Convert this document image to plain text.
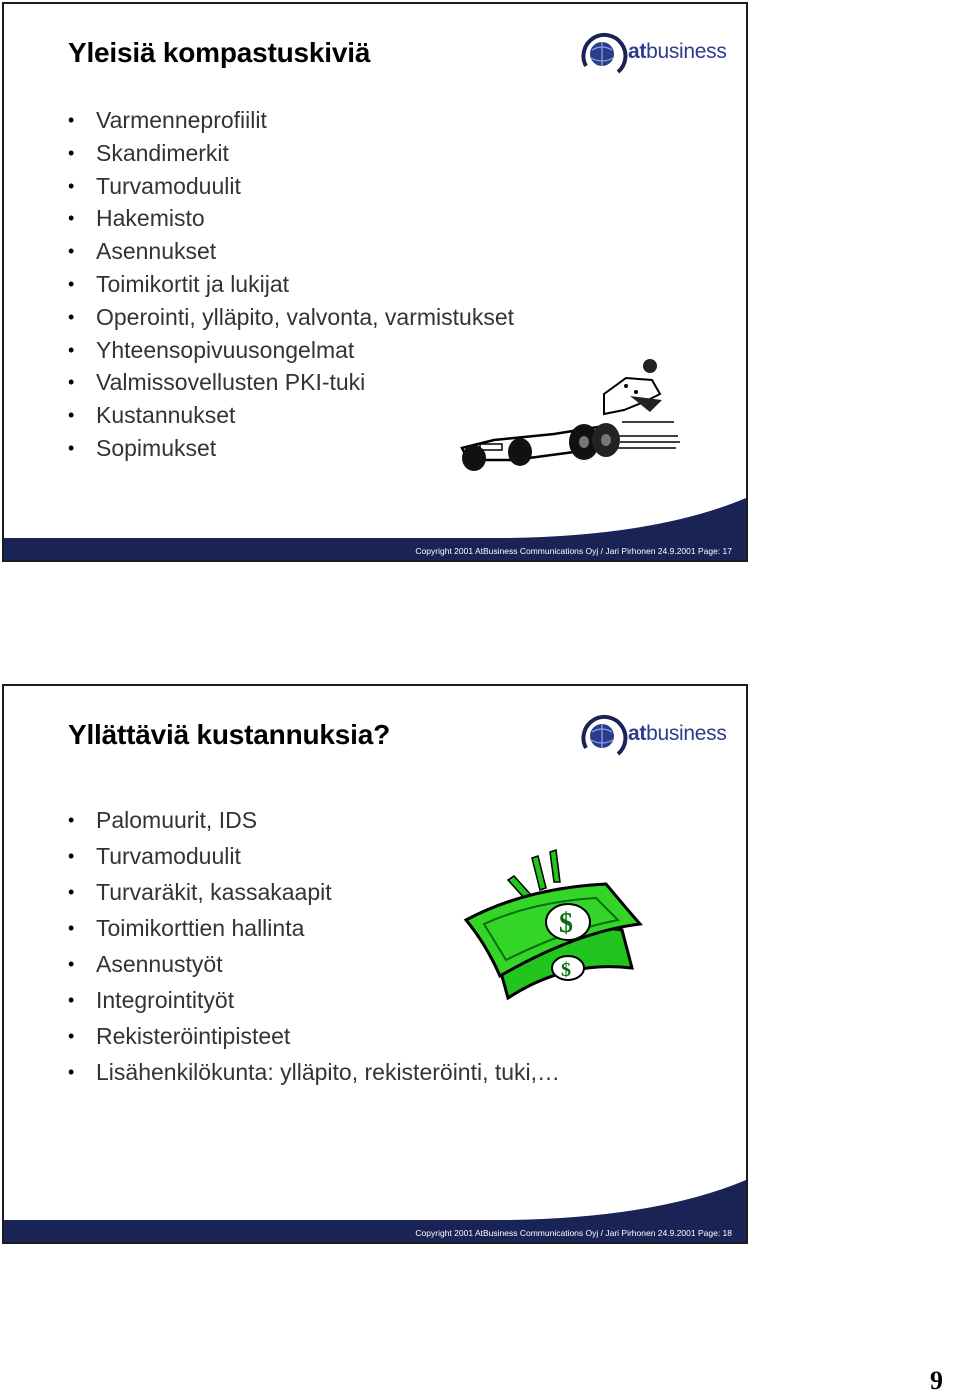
Yleisiä kompastuskiviä	atbusiness
• Varmenneprofiilit
• Skandimerkit
• Turvamoduulit
• Hakemisto
• Asennukset
• Toimikortit ja lukijat
• Operointi, ylläpito, valvonta, varmistukset
• Yhteensopivuusongelmat
• Valmissovellusten PKI-tuki
• Kustannukset
• Sopimukset
Copyright 2001 AtBusiness Communications Oyj / Jari Pirhonen 24.9.2001 Page: 17
Yllättäviä kustannuksia?	atbusiness
• Palomuurit, IDS
• Turvamoduulit
• Turvaräkit, kassakaapit
• Toimikorttien hallinta
• Asennustyöt
• Integrointityöt
• Rekisteröintipisteet
• Lisähenkilökunta: ylläpito, rekisteröinti, tuki,…
$
$
Copyright 2001 AtBusiness Communications Oyj / Jari Pirhonen 24.9.2001 Page: 18
9
